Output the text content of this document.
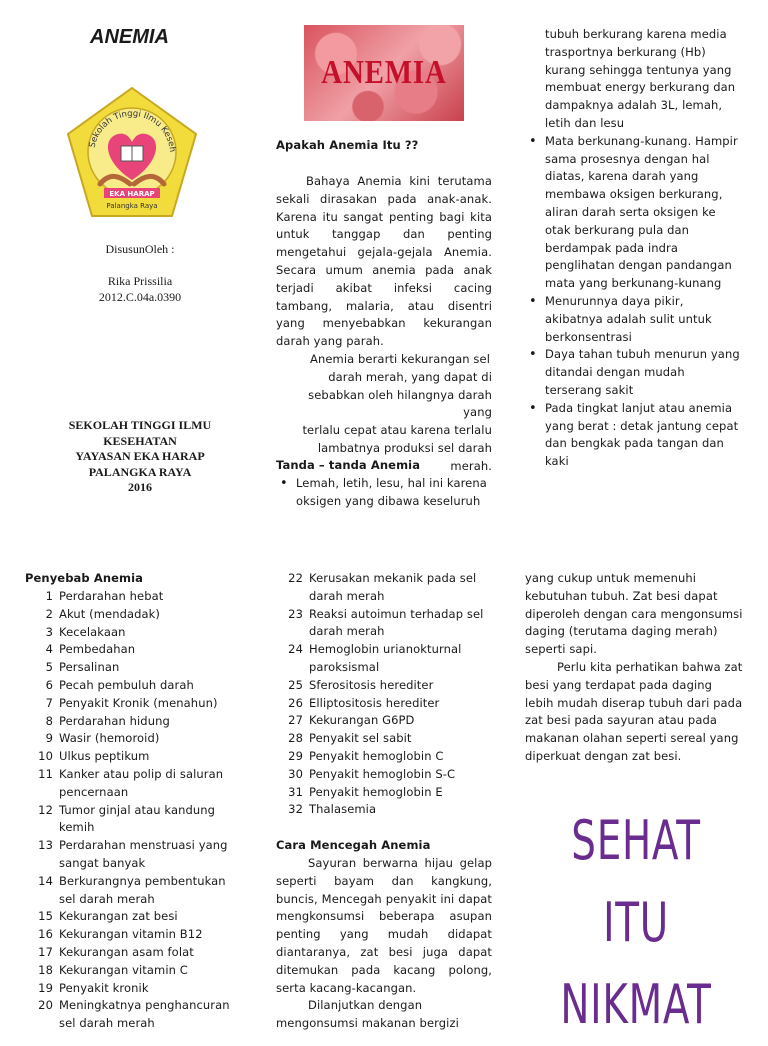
ANEMIA
Sekolah Tinggi Ilmu Keseh
EKA HARAP
Palangka Raya
DisusunOleh :
Rika Prissilia
2012.C.04a.0390
SEKOLAH TINGGI ILMU
KESEHATAN
YAYASAN EKA HARAP
PALANGKA RAYA
2016
ANEMIA
Apakah Anemia Itu ??

Bahaya Anemia kini terutama sekali dirasakan pada anak-anak. Karena itu sangat penting bagi kita untuk tanggap dan penting mengetahui gejala-gejala Anemia. Secara umum anemia pada anak terjadi akibat infeksi cacing tambang, malaria, atau disentri yang menyebabkan kekurangan darah yang parah.

Anemia berarti kekurangan sel
darah merah, yang dapat di
sebabkan oleh hilangnya darah yang
terlalu cepat atau karena terlalu
lambatnya produksi sel darah merah.
Tanda – tanda Anemia
• Lemah, letih, lesu, hal ini karena oksigen yang dibawa keseluruh

tubuh berkurang karena media trasportnya berkurang (Hb) kurang sehingga tentunya yang membuat energy berkurang dan dampaknya adalah 3L, lemah, letih dan lesu

• Mata berkunang-kunang. Hampir sama prosesnya dengan hal diatas, karena darah yang membawa oksigen berkurang, aliran darah serta oksigen ke otak berkurang pula dan berdampak pada indra penglihatan dengan pandangan mata yang berkunang-kunang
• Menurunnya daya pikir, akibatnya adalah sulit untuk berkonsentrasi
• Daya tahan tubuh menurun yang ditandai dengan mudah terserang sakit
• Pada tingkat lanjut atau anemia yang berat : detak jantung cepat dan bengkak pada tangan dan kaki
Penyebab Anemia
1 Perdarahan hebat
2 Akut (mendadak)
3 Kecelakaan
4 Pembedahan
5 Persalinan
6 Pecah pembuluh darah
7 Penyakit Kronik (menahun)
8 Perdarahan hidung
9 Wasir (hemoroid)
10 Ulkus peptikum
11 Kanker atau polip di saluran pencernaan
12 Tumor ginjal atau kandung kemih
13 Perdarahan menstruasi yang sangat banyak
14 Berkurangnya pembentukan sel darah merah
15 Kekurangan zat besi
16 Kekurangan vitamin B12
17 Kekurangan asam folat
18 Kekurangan vitamin C
19 Penyakit kronik
20 Meningkatnya penghancuran sel darah merah
22 Kerusakan mekanik pada sel darah merah
23 Reaksi autoimun terhadap sel darah merah
24 Hemoglobin urianokturnal paroksismal
25 Sferositosis herediter
26 Elliptositosis herediter
27 Kekurangan G6PD
28 Penyakit sel sabit
29 Penyakit hemoglobin C
30 Penyakit hemoglobin S-C
31 Penyakit hemoglobin E
32 Thalasemia
Cara Mencegah Anemia

Sayuran berwarna hijau gelap seperti bayam dan kangkung, buncis, Mencegah penyakit ini dapat mengkonsumsi beberapa asupan penting yang mudah didapat diantaranya, zat besi juga dapat ditemukan pada kacang polong, serta kacang-kacangan.

Dilanjutkan dengan mengonsumsi makanan bergizi

yang cukup untuk memenuhi kebutuhan tubuh. Zat besi dapat diperoleh dengan cara mengonsumsi daging (terutama daging merah) seperti sapi.

Perlu kita perhatikan bahwa zat besi yang terdapat pada daging lebih mudah diserap tubuh dari pada zat besi pada sayuran atau pada makanan olahan seperti sereal yang diperkuat dengan zat besi.

SEHAT
ITU
NIKMAT
